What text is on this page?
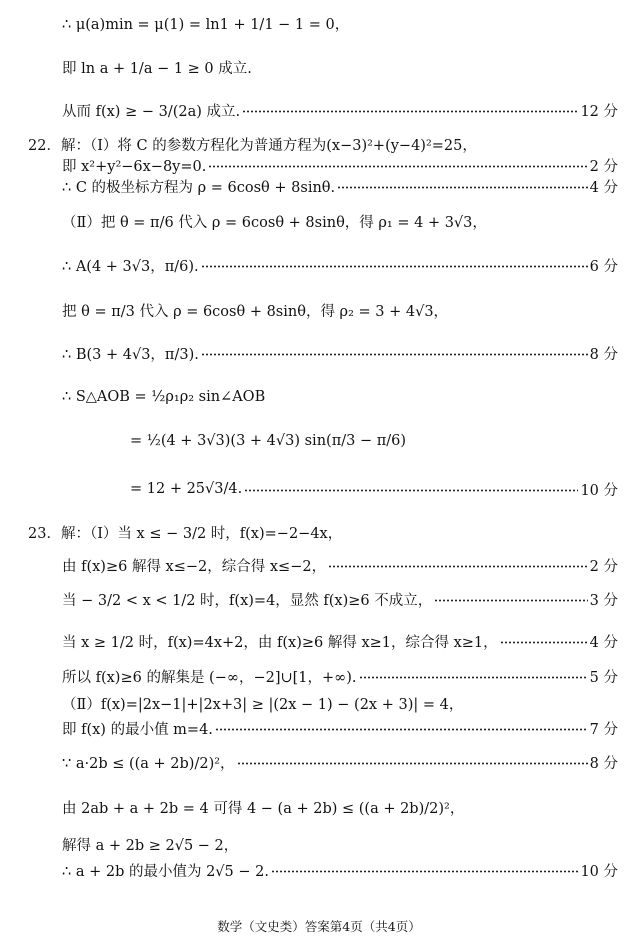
∴ μ(a)min = μ(1) = ln1 + 1/1 − 1 = 0，
即 ln a + 1/a − 1 ≥ 0 成立.
从而 f(x) ≥ − 3/(2a) 成立.	12 分
22．解：（Ⅰ）将 C 的参数方程化为普通方程为(x−3)²+(y−4)²=25，
即 x²+y²−6x−8y=0.	2 分
∴ C 的极坐标方程为 ρ = 6cosθ + 8sinθ.	4 分
（Ⅱ）把 θ = π/6 代入 ρ = 6cosθ + 8sinθ，得 ρ₁ = 4 + 3√3，
∴ A(4 + 3√3，π/6).	6 分
把 θ = π/3 代入 ρ = 6cosθ + 8sinθ，得 ρ₂ = 3 + 4√3，
∴ B(3 + 4√3，π/3).	8 分
∴ S△AOB = ½ρ₁ρ₂ sin∠AOB
= ½(4 + 3√3)(3 + 4√3) sin(π/3 − π/6)
= 12 + 25√3/4.	10 分
23．解：（Ⅰ）当 x ≤ − 3/2 时，f(x)=−2−4x，
由 f(x)≥6 解得 x≤−2，综合得 x≤−2，	2 分
当 − 3/2 < x < 1/2 时，f(x)=4，显然 f(x)≥6 不成立，	3 分
当 x ≥ 1/2 时，f(x)=4x+2，由 f(x)≥6 解得 x≥1，综合得 x≥1，	4 分
所以 f(x)≥6 的解集是 (−∞，−2]∪[1，+∞).	5 分
（Ⅱ）f(x)=|2x−1|+|2x+3| ≥ |(2x − 1) − (2x + 3)| = 4，
即 f(x) 的最小值 m=4.	7 分
∵ a·2b ≤ ((a + 2b)/2)²，	8 分
由 2ab + a + 2b = 4 可得 4 − (a + 2b) ≤ ((a + 2b)/2)²，
解得 a + 2b ≥ 2√5 − 2，
∴ a + 2b 的最小值为 2√5 − 2.	10 分
数学（文史类）答案第4页（共4页）
